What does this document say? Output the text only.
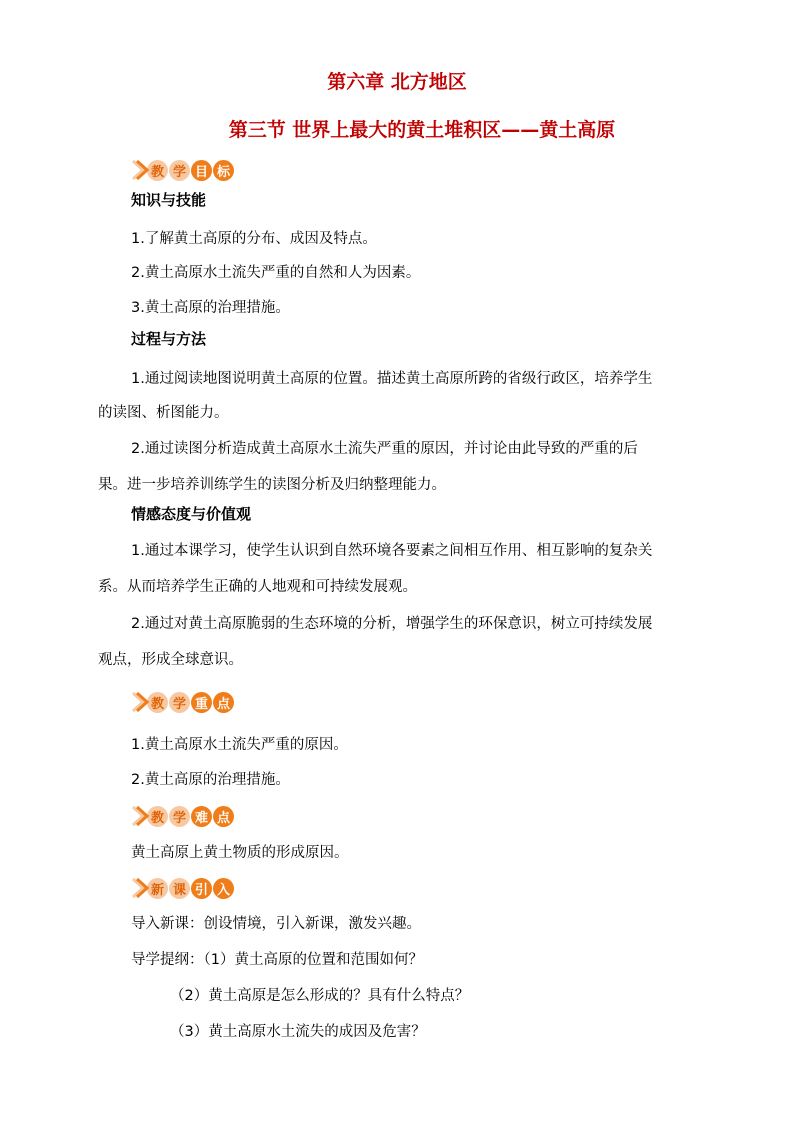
第六章 北方地区
第三节 世界上最大的黄土堆积区——黄土高原
教 学 目 标
知识与技能
1.了解黄土高原的分布、成因及特点。
2.黄土高原水土流失严重的自然和人为因素。
3.黄土高原的治理措施。
过程与方法
1.通过阅读地图说明黄土高原的位置。描述黄土高原所跨的省级行政区，培养学生
的读图、析图能力。
2.通过读图分析造成黄土高原水土流失严重的原因，并讨论由此导致的严重的后
果。进一步培养训练学生的读图分析及归纳整理能力。
情感态度与价值观
1.通过本课学习，使学生认识到自然环境各要素之间相互作用、相互影响的复杂关
系。从而培养学生正确的人地观和可持续发展观。
2.通过对黄土高原脆弱的生态环境的分析，增强学生的环保意识，树立可持续发展
观点，形成全球意识。
教 学 重 点
1.黄土高原水土流失严重的原因。
2.黄土高原的治理措施。
教 学 难 点
黄土高原上黄土物质的形成原因。
新 课 引 入
导入新课：创设情境，引入新课，激发兴趣。
导学提纲：（1）黄土高原的位置和范围如何？
（2）黄土高原是怎么形成的？具有什么特点？
（3）黄土高原水土流失的成因及危害？
